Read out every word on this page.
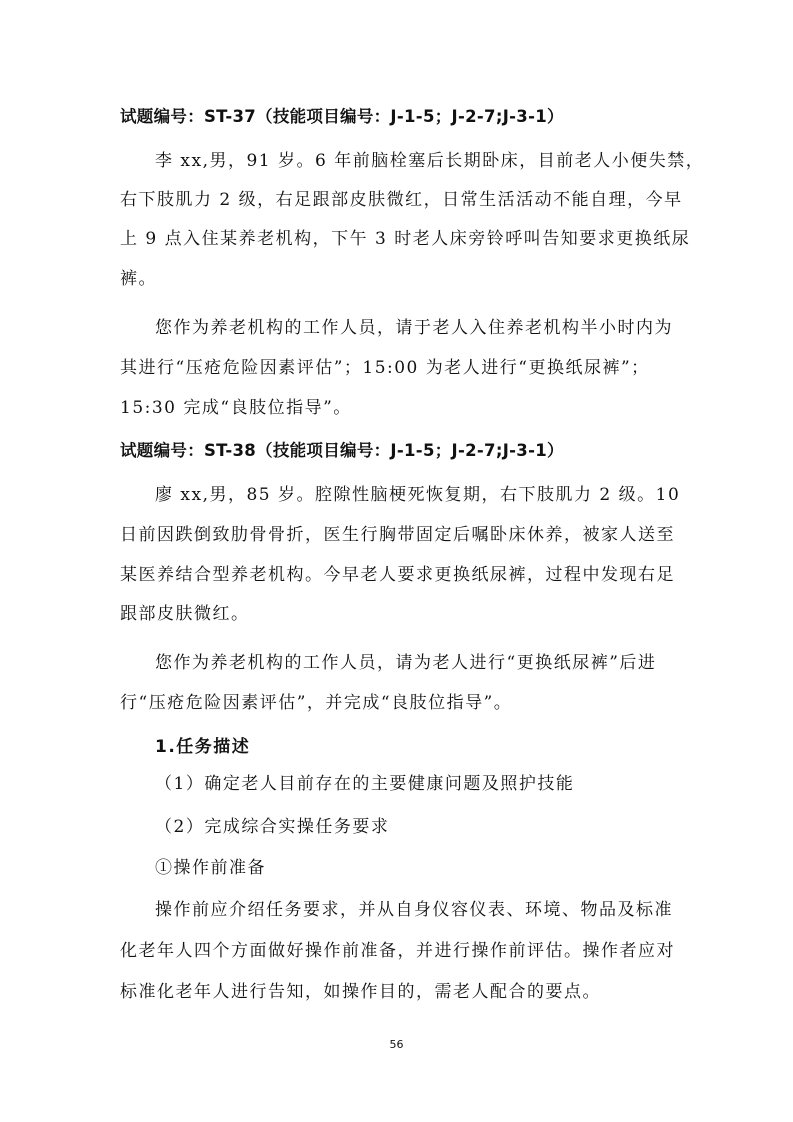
试题编号：ST-37（技能项目编号：J-1-5；J-2-7;J-3-1）
李 xx,男，91 岁。6 年前脑栓塞后长期卧床，目前老人小便失禁，
右下肢肌力 2 级，右足跟部皮肤微红，日常生活活动不能自理，今早
上 9 点入住某养老机构，下午 3 时老人床旁铃呼叫告知要求更换纸尿
裤。
您作为养老机构的工作人员，请于老人入住养老机构半小时内为
其进行“压疮危险因素评估”；15:00 为老人进行“更换纸尿裤”；
15:30 完成“良肢位指导”。
试题编号：ST-38（技能项目编号：J-1-5；J-2-7;J-3-1）
廖 xx,男，85 岁。腔隙性脑梗死恢复期，右下肢肌力 2 级。10
日前因跌倒致肋骨骨折，医生行胸带固定后嘱卧床休养，被家人送至
某医养结合型养老机构。今早老人要求更换纸尿裤，过程中发现右足
跟部皮肤微红。
您作为养老机构的工作人员，请为老人进行“更换纸尿裤”后进
行“压疮危险因素评估”，并完成“良肢位指导”。
1.任务描述
（1）确定老人目前存在的主要健康问题及照护技能
（2）完成综合实操任务要求
①操作前准备
操作前应介绍任务要求，并从自身仪容仪表、环境、物品及标准
化老年人四个方面做好操作前准备，并进行操作前评估。操作者应对
标准化老年人进行告知，如操作目的，需老人配合的要点。
56
